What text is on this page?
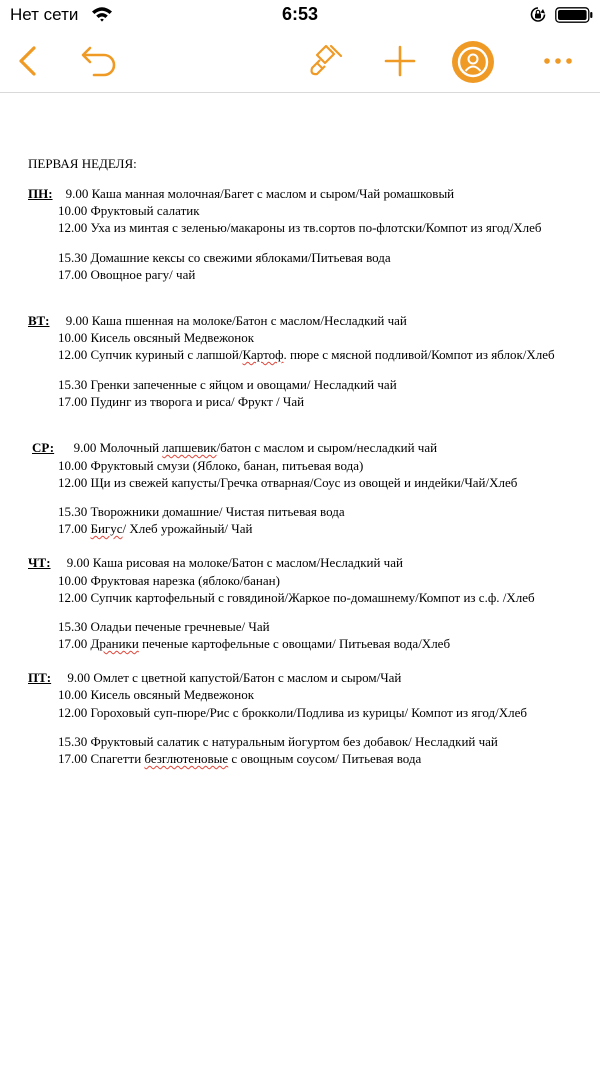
Нет сети	6:53
ПЕРВАЯ НЕДЕЛЯ:
ПН: 9.00 Каша манная молочная/Багет с маслом и сыром/Чай ромашковый
10.00 Фруктовый салатик
12.00 Уха из минтая с зеленью/макароны из тв.сортов по-флотски/Компот из ягод/Хлеб
15.30 Домашние кексы со свежими яблоками/Питьевая вода
17.00 Овощное рагу/ чай
ВТ: 9.00 Каша пшенная на молоке/Батон с маслом/Несладкий чай
10.00 Кисель овсяный Медвежонок
12.00 Супчик куриный с лапшой/Картоф. пюре с мясной подливой/Компот из яблок/Хлеб
15.30 Гренки запеченные с яйцом и овощами/ Несладкий чай
17.00 Пудинг из творога и риса/ Фрукт / Чай
СР: 9.00 Молочный лапшевик/батон с маслом и сыром/несладкий чай
10.00 Фруктовый смузи (Яблоко, банан, питьевая вода)
12.00 Щи из свежей капусты/Гречка отварная/Соус из овощей и индейки/Чай/Хлеб
15.30 Творожники домашние/ Чистая питьевая вода
17.00 Бигус/ Хлеб урожайный/ Чай
ЧТ: 9.00 Каша рисовая на молоке/Батон с маслом/Несладкий чай
10.00 Фруктовая нарезка (яблоко/банан)
12.00 Супчик картофельный с говядиной/Жаркое по-домашнему/Компот из с.ф. /Хлеб
15.30 Оладьи печеные гречневые/ Чай
17.00 Драники печеные картофельные с овощами/ Питьевая вода/Хлеб
ПТ: 9.00 Омлет с цветной капустой/Батон с маслом и сыром/Чай
10.00 Кисель овсяный Медвежонок
12.00 Гороховый суп-пюре/Рис с брокколи/Подлива из курицы/ Компот из ягод/Хлеб
15.30 Фруктовый салатик с натуральным йогуртом без добавок/ Несладкий чай
17.00 Спагетти безглютеновые с овощным соусом/ Питьевая вода
